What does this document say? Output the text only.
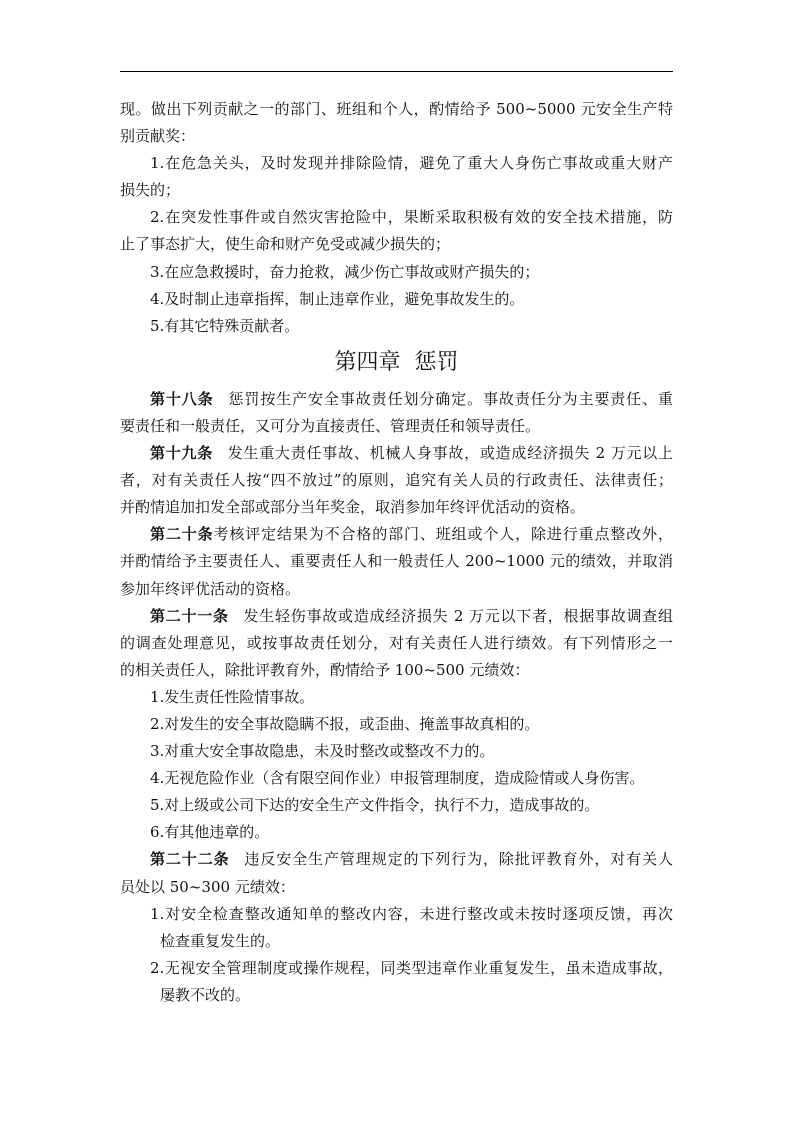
现。做出下列贡献之一的部门、班组和个人，酌情给予 500~5000 元安全生产特
别贡献奖：
1.在危急关头，及时发现并排除险情，避免了重大人身伤亡事故或重大财产
损失的；
2.在突发性事件或自然灾害抢险中，果断采取积极有效的安全技术措施，防
止了事态扩大，使生命和财产免受或减少损失的；
3.在应急救援时，奋力抢救，减少伤亡事故或财产损失的；
4.及时制止违章指挥，制止违章作业，避免事故发生的。
5.有其它特殊贡献者。
第四章  惩罚
第十八条 惩罚按生产安全事故责任划分确定。事故责任分为主要责任、重
要责任和一般责任，又可分为直接责任、管理责任和领导责任。
第十九条 发生重大责任事故、机械人身事故，或造成经济损失 2 万元以上
者，对有关责任人按“四不放过”的原则，追究有关人员的行政责任、法律责任；
并酌情追加扣发全部或部分当年奖金，取消参加年终评优活动的资格。
第二十条考核评定结果为不合格的部门、班组或个人，除进行重点整改外，
并酌情给予主要责任人、重要责任人和一般责任人 200~1000 元的绩效，并取消
参加年终评优活动的资格。
第二十一条 发生轻伤事故或造成经济损失 2 万元以下者，根据事故调查组
的调查处理意见，或按事故责任划分，对有关责任人进行绩效。有下列情形之一
的相关责任人，除批评教育外，酌情给予 100~500 元绩效：
1.发生责任性险情事故。
2.对发生的安全事故隐瞒不报，或歪曲、掩盖事故真相的。
3.对重大安全事故隐患，未及时整改或整改不力的。
4.无视危险作业（含有限空间作业）申报管理制度，造成险情或人身伤害。
5.对上级或公司下达的安全生产文件指令，执行不力，造成事故的。
6.有其他违章的。
第二十二条 违反安全生产管理规定的下列行为，除批评教育外，对有关人
员处以 50~300 元绩效：
1.对安全检查整改通知单的整改内容，未进行整改或未按时逐项反馈，再次
检查重复发生的。
2.无视安全管理制度或操作规程，同类型违章作业重复发生，虽未造成事故，
屡教不改的。
